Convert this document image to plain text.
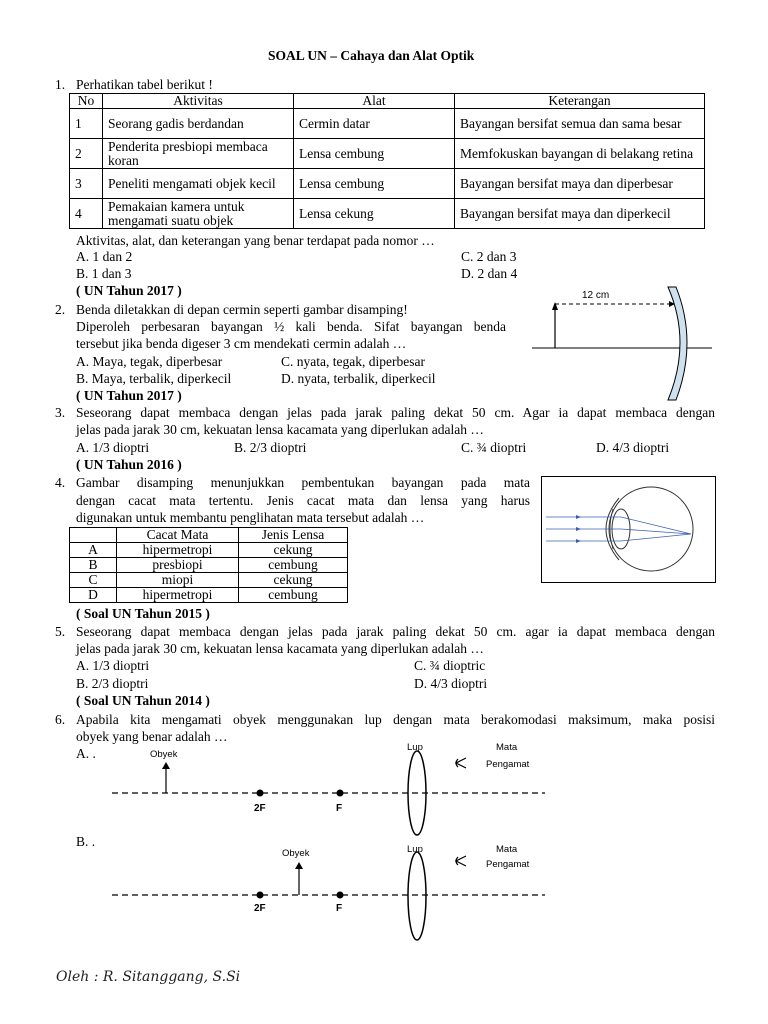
SOAL UN – Cahaya dan Alat Optik
1. Perhatikan tabel berikut !
No	Aktivitas	Alat	Keterangan
1	Seorang gadis berdandan	Cermin datar	Bayangan bersifat semua dan sama besar
2	Penderita presbiopi membaca koran	Lensa cembung	Memfokuskan bayangan di belakang retina
3	Peneliti mengamati objek kecil	Lensa cembung	Bayangan bersifat maya dan diperbesar
4	Pemakaian kamera untuk mengamati suatu objek	Lensa cekung	Bayangan bersifat maya dan diperkecil
Aktivitas, alat, dan keterangan yang benar terdapat pada nomor …
A. 1 dan 2	C. 2 dan 3
B. 1 dan 3	D. 2 dan 4
( UN Tahun 2017 )
2. Benda diletakkan di depan cermin seperti gambar disamping!
Diperoleh perbesaran bayangan ½ kali benda. Sifat bayangan benda
tersebut jika benda digeser 3 cm mendekati cermin adalah …
A. Maya, tegak, diperbesar	C. nyata, tegak, diperbesar
B. Maya, terbalik, diperkecil	D. nyata, terbalik, diperkecil
( UN Tahun 2017 )
12 cm
3. Seseorang dapat membaca dengan jelas pada jarak paling dekat 50 cm. Agar ia dapat membaca dengan
jelas pada jarak 30 cm, kekuatan lensa kacamata yang diperlukan adalah …
A. 1/3 dioptri	B. 2/3 dioptri	C. ¾ dioptri	D. 4/3 dioptri
( UN Tahun 2016 )
4. Gambar disamping menunjukkan pembentukan bayangan pada mata
dengan cacat mata tertentu. Jenis cacat mata dan lensa yang harus
digunakan untuk membantu penglihatan mata tersebut adalah …
	Cacat Mata	Jenis Lensa
A	hipermetropi	cekung
B	presbiopi	cembung
C	miopi	cekung
D	hipermetropi	cembung
( Soal UN Tahun 2015 )
5. Seseorang dapat membaca dengan jelas pada jarak paling dekat 50 cm. agar ia dapat membaca dengan
jelas pada jarak 30 cm, kekuatan lensa kacamata yang diperlukan adalah …
A. 1/3 dioptri	C. ¾ dioptric
B. 2/3 dioptri	D. 4/3 dioptri
( Soal UN Tahun 2014 )
6. Apabila kita mengamati obyek menggunakan lup dengan mata berakomodasi maksimum, maka posisi
obyek yang benar adalah …
A. .
B. .
Obyek
2F	F
Lup	Mata
Pengamat
Obyek
2F	F
Lup	Mata
Pengamat
Oleh : R. Sitanggang, S.Si
